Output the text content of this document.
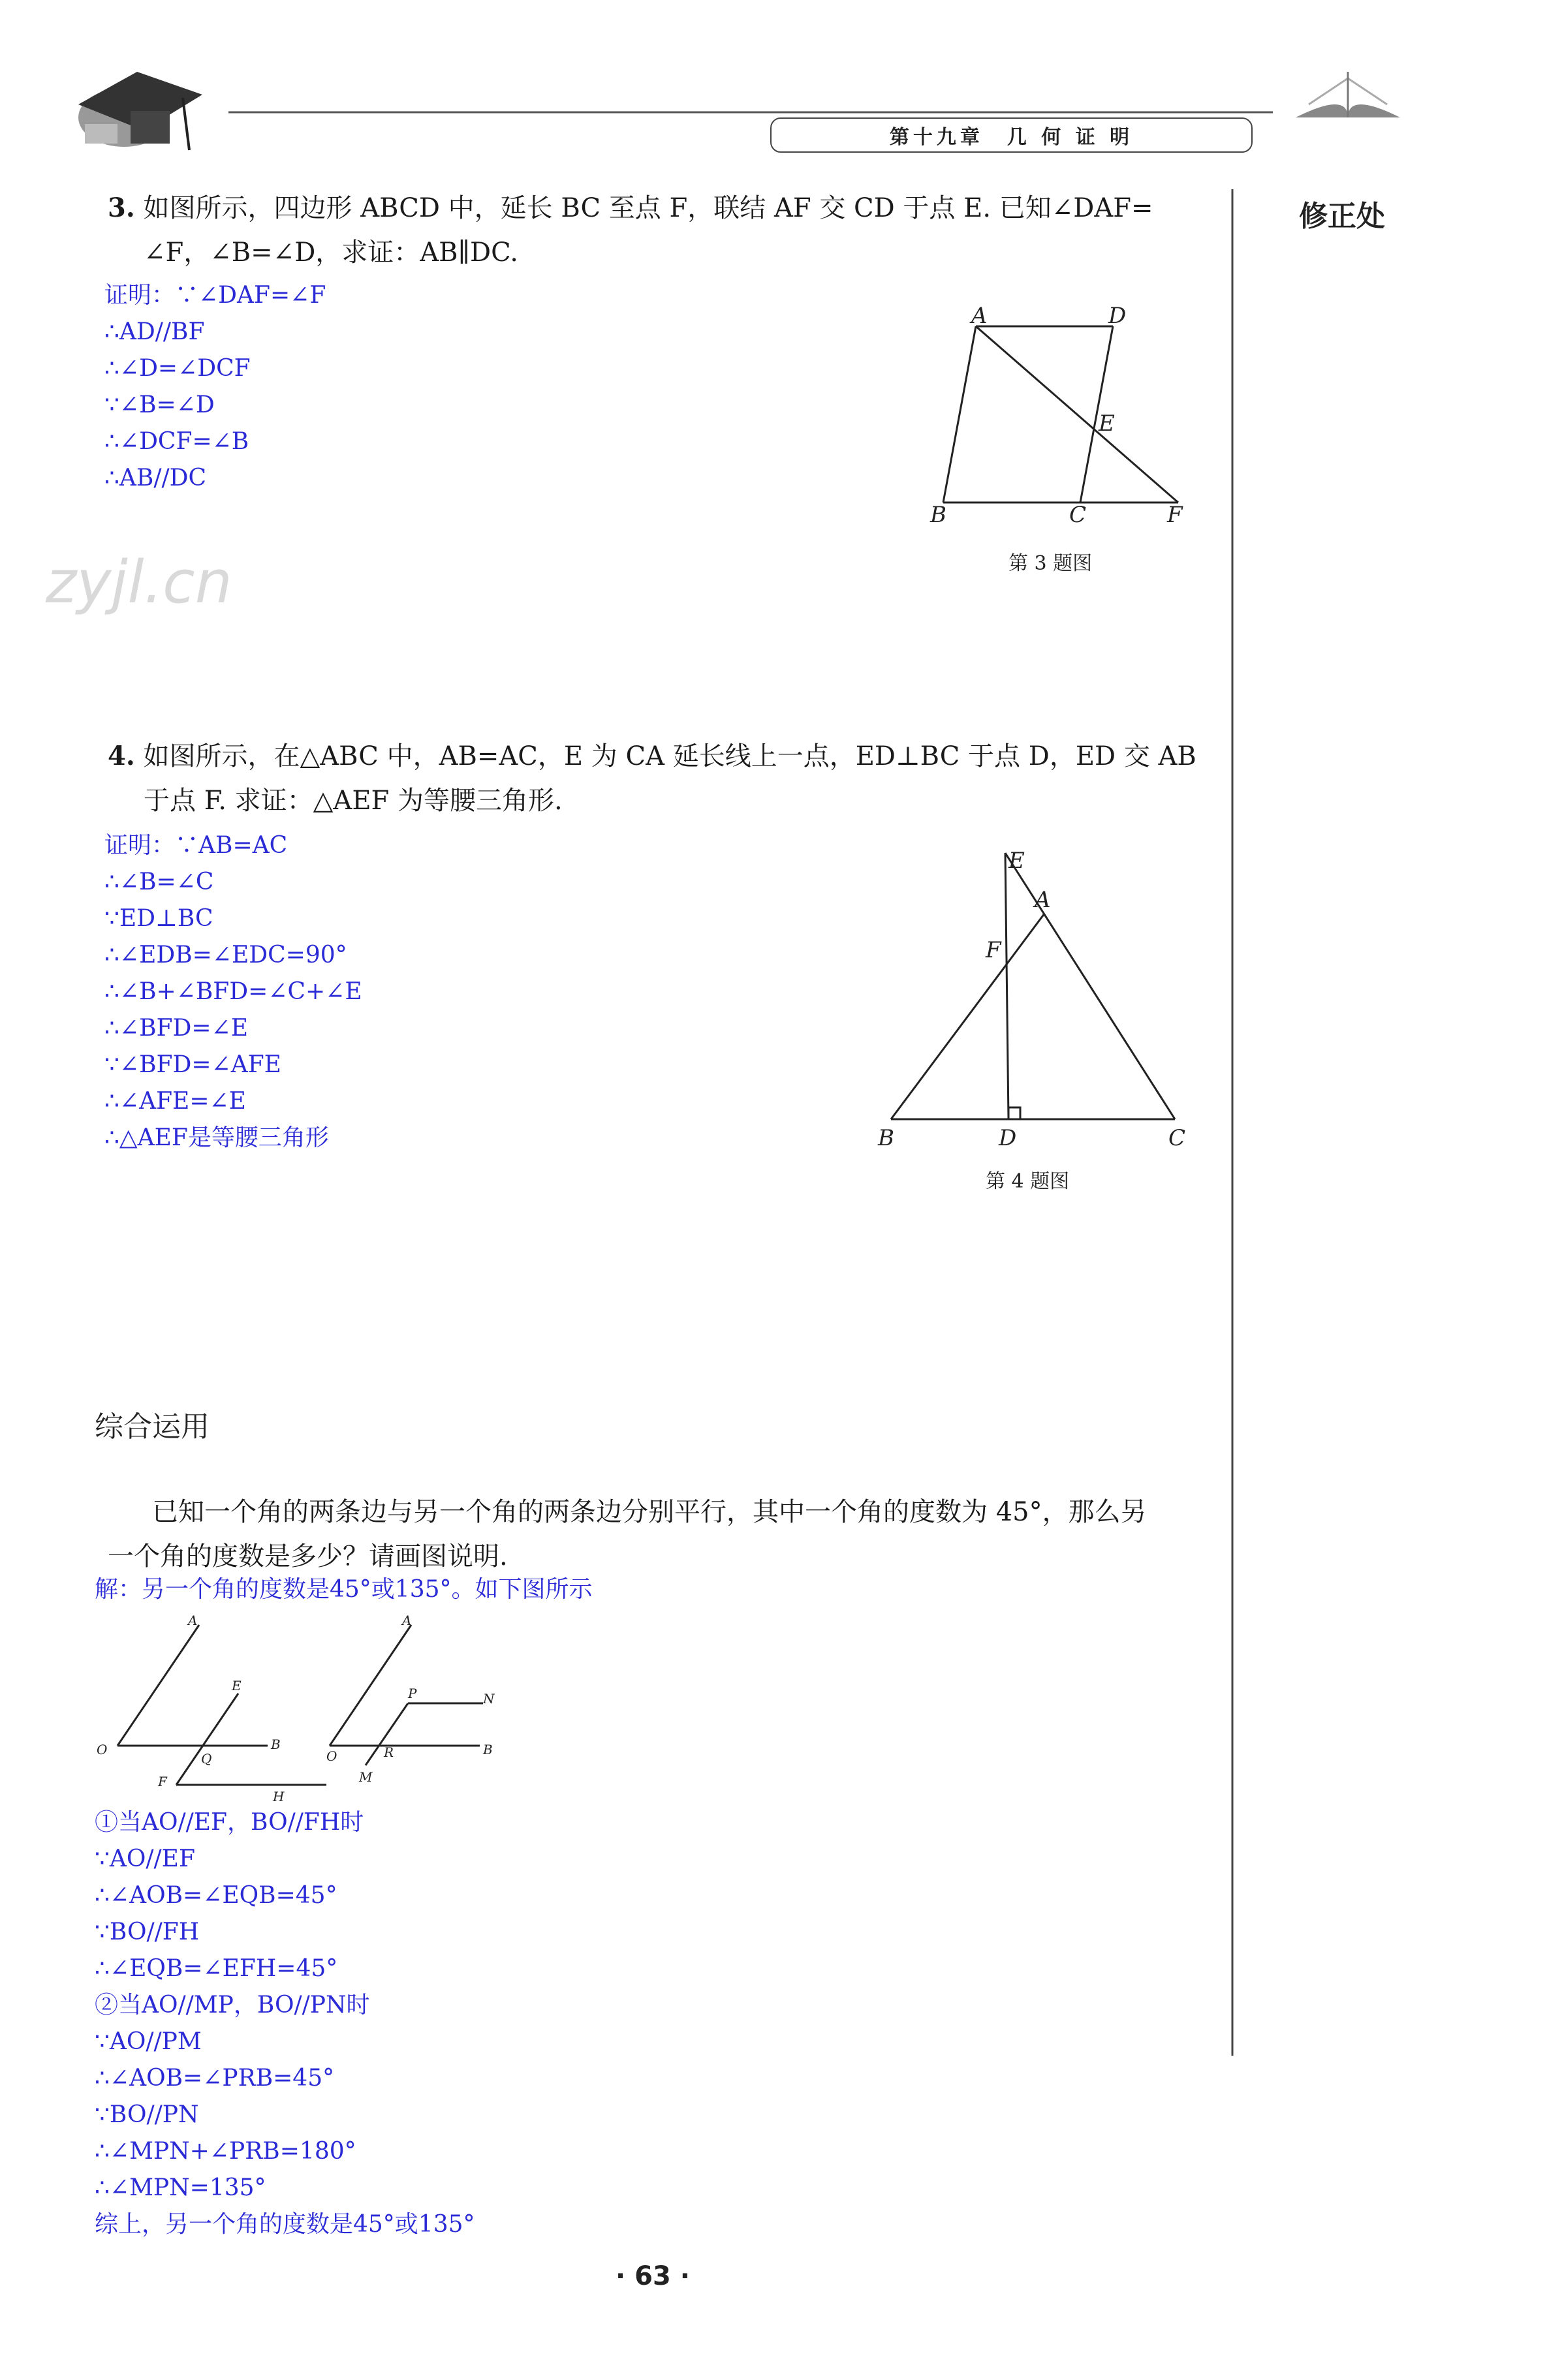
第十九章　几 何 证 明
修正处
zyjl.cn
3. 如图所示，四边形 ABCD 中，延长 BC 至点 F，联结 AF 交 CD 于点 E. 已知∠DAF=
∠F，∠B=∠D，求证：AB∥DC.
证明：∵∠DAF=∠F
∴AD//BF
∴∠D=∠DCF
∵∠B=∠D
∴∠DCF=∠B
∴AB//DC
A	D
E
B	C	F
第 3 题图
4. 如图所示，在△ABC 中，AB=AC，E 为 CA 延长线上一点，ED⊥BC 于点 D，ED 交 AB
于点 F. 求证：△AEF 为等腰三角形.
证明：∵AB=AC
∴∠B=∠C
∵ED⊥BC
∴∠EDB=∠EDC=90°
∴∠B+∠BFD=∠C+∠E
∴∠BFD=∠E
∵∠BFD=∠AFE
∴∠AFE=∠E
∴△AEF是等腰三角形
E
A
F
B	D	C
第 4 题图
综合运用
已知一个角的两条边与另一个角的两条边分别平行，其中一个角的度数为 45°，那么另
一个角的度数是多少？请画图说明.
解：另一个角的度数是45°或135°。如下图所示
A
E
O
Q
B
F
H
A
P	N
O	R	B
M
①当AO//EF，BO//FH时
∵AO//EF
∴∠AOB=∠EQB=45°
∵BO//FH
∴∠EQB=∠EFH=45°
②当AO//MP，BO//PN时
∵AO//PM
∴∠AOB=∠PRB=45°
∵BO//PN
∴∠MPN+∠PRB=180°
∴∠MPN=135°
综上，另一个角的度数是45°或135°
· 63 ·
